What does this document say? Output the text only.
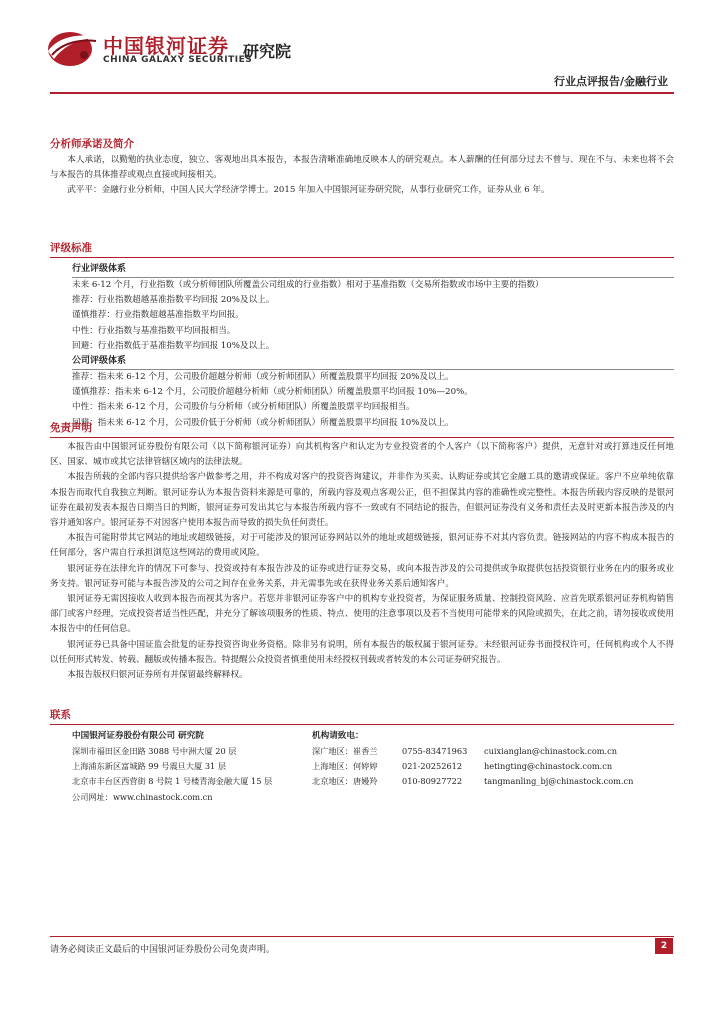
中国银河证券
CHINA GALAXY SECURITIES
研究院
行业点评报告/金融行业
分析师承诺及简介

本人承诺，以勤勉的执业态度，独立、客观地出具本报告，本报告清晰准确地反映本人的研究观点。本人薪酬的任何部分过去不曾与、现在不与、未来也将不会与本报告的具体推荐或观点直接或间接相关。

武平平：金融行业分析师，中国人民大学经济学博士。2015 年加入中国银河证券研究院，从事行业研究工作，证券从业 6 年。

评级标准
行业评级体系
未来 6-12 个月，行业指数（或分析师团队所覆盖公司组成的行业指数）相对于基准指数（交易所指数或市场中主要的指数）
推荐：行业指数超越基准指数平均回报 20%及以上。
谨慎推荐：行业指数超越基准指数平均回报。
中性：行业指数与基准指数平均回报相当。
回避：行业指数低于基准指数平均回报 10%及以上。
公司评级体系
推荐：指未来 6-12 个月，公司股价超越分析师（或分析师团队）所覆盖股票平均回报 20%及以上。
谨慎推荐：指未来 6-12 个月，公司股价超越分析师（或分析师团队）所覆盖股票平均回报 10%—20%。
中性：指未来 6-12 个月，公司股价与分析师（或分析师团队）所覆盖股票平均回报相当。
回避：指未来 6-12 个月，公司股价低于分析师（或分析师团队）所覆盖股票平均回报 10%及以上。
免责声明

本报告由中国银河证券股份有限公司（以下简称银河证券）向其机构客户和认定为专业投资者的个人客户（以下简称客户）提供，无意针对或打算违反任何地区、国家、城市或其它法律管辖区域内的法律法规。

本报告所载的全部内容只提供给客户做参考之用，并不构成对客户的投资咨询建议，并非作为买卖、认购证券或其它金融工具的邀请或保证。客户不应单纯依靠本报告而取代自我独立判断。银河证券认为本报告资料来源是可靠的，所载内容及观点客观公正，但不担保其内容的准确性或完整性。本报告所载内容反映的是银河证券在最初发表本报告日期当日的判断，银河证券可发出其它与本报告所载内容不一致或有不同结论的报告，但银河证券没有义务和责任去及时更新本报告涉及的内容并通知客户。银河证券不对因客户使用本报告而导致的损失负任何责任。

本报告可能附带其它网站的地址或超级链接，对于可能涉及的银河证券网站以外的地址或超级链接，银河证券不对其内容负责。链接网站的内容不构成本报告的任何部分，客户需自行承担浏览这些网站的费用或风险。

银河证券在法律允许的情况下可参与、投资或持有本报告涉及的证券或进行证券交易，或向本报告涉及的公司提供或争取提供包括投资银行业务在内的服务或业务支持。银河证券可能与本报告涉及的公司之间存在业务关系，并无需事先或在获得业务关系后通知客户。

银河证券无需因接收人收到本报告而视其为客户。若您并非银河证券客户中的机构专业投资者，为保证服务质量、控制投资风险、应首先联系银河证券机构销售部门或客户经理，完成投资者适当性匹配，并充分了解该项服务的性质、特点、使用的注意事项以及若不当使用可能带来的风险或损失，在此之前，请勿接收或使用本报告中的任何信息。

银河证券已具备中国证监会批复的证券投资咨询业务资格。除非另有说明，所有本报告的版权属于银河证券。未经银河证券书面授权许可，任何机构或个人不得以任何形式转发、转载、翻版或传播本报告。特提醒公众投资者慎重使用未经授权刊载或者转发的本公司证券研究报告。

本报告版权归银河证券所有并保留最终解释权。

联系
中国银河证券股份有限公司 研究院
深圳市福田区金田路 3088 号中洲大厦 20 层
上海浦东新区富城路 99 号震旦大厦 31 层
北京市丰台区西营街 8 号院 1 号楼青海金融大厦 15 层
公司网址：www.chinastock.com.cn
机构请致电：
深广地区：崔香兰	0755-83471963	cuixianglan@chinastock.com.cn
上海地区：何婷婷	021-20252612	hetingting@chinastock.com.cn
北京地区：唐嫚羚	010-80927722	tangmanling_bj@chinastock.com.cn
请务必阅读正文最后的中国银河证券股份公司免责声明。	2
